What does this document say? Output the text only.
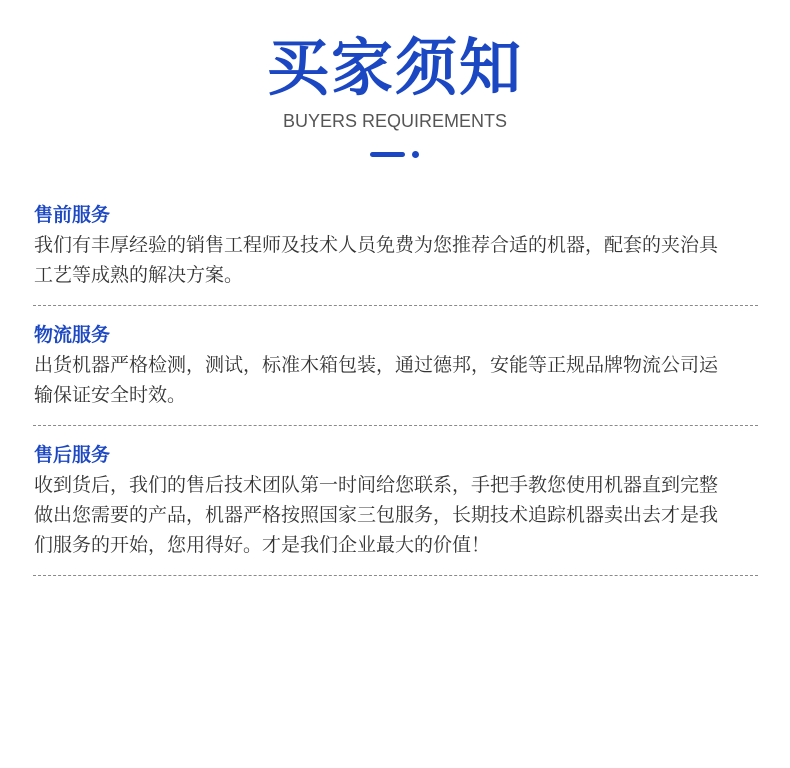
买家须知
BUYERS REQUIREMENTS
售前服务
我们有丰厚经验的销售工程师及技术人员免费为您推荐合适的机器，配套的夹治具
工艺等成熟的解决方案。
物流服务
出货机器严格检测，测试，标准木箱包装，通过德邦，安能等正规品牌物流公司运
输保证安全时效。
售后服务
收到货后，我们的售后技术团队第一时间给您联系，手把手教您使用机器直到完整
做出您需要的产品，机器严格按照国家三包服务，长期技术追踪机器卖出去才是我
们服务的开始，您用得好。才是我们企业最大的价值！
